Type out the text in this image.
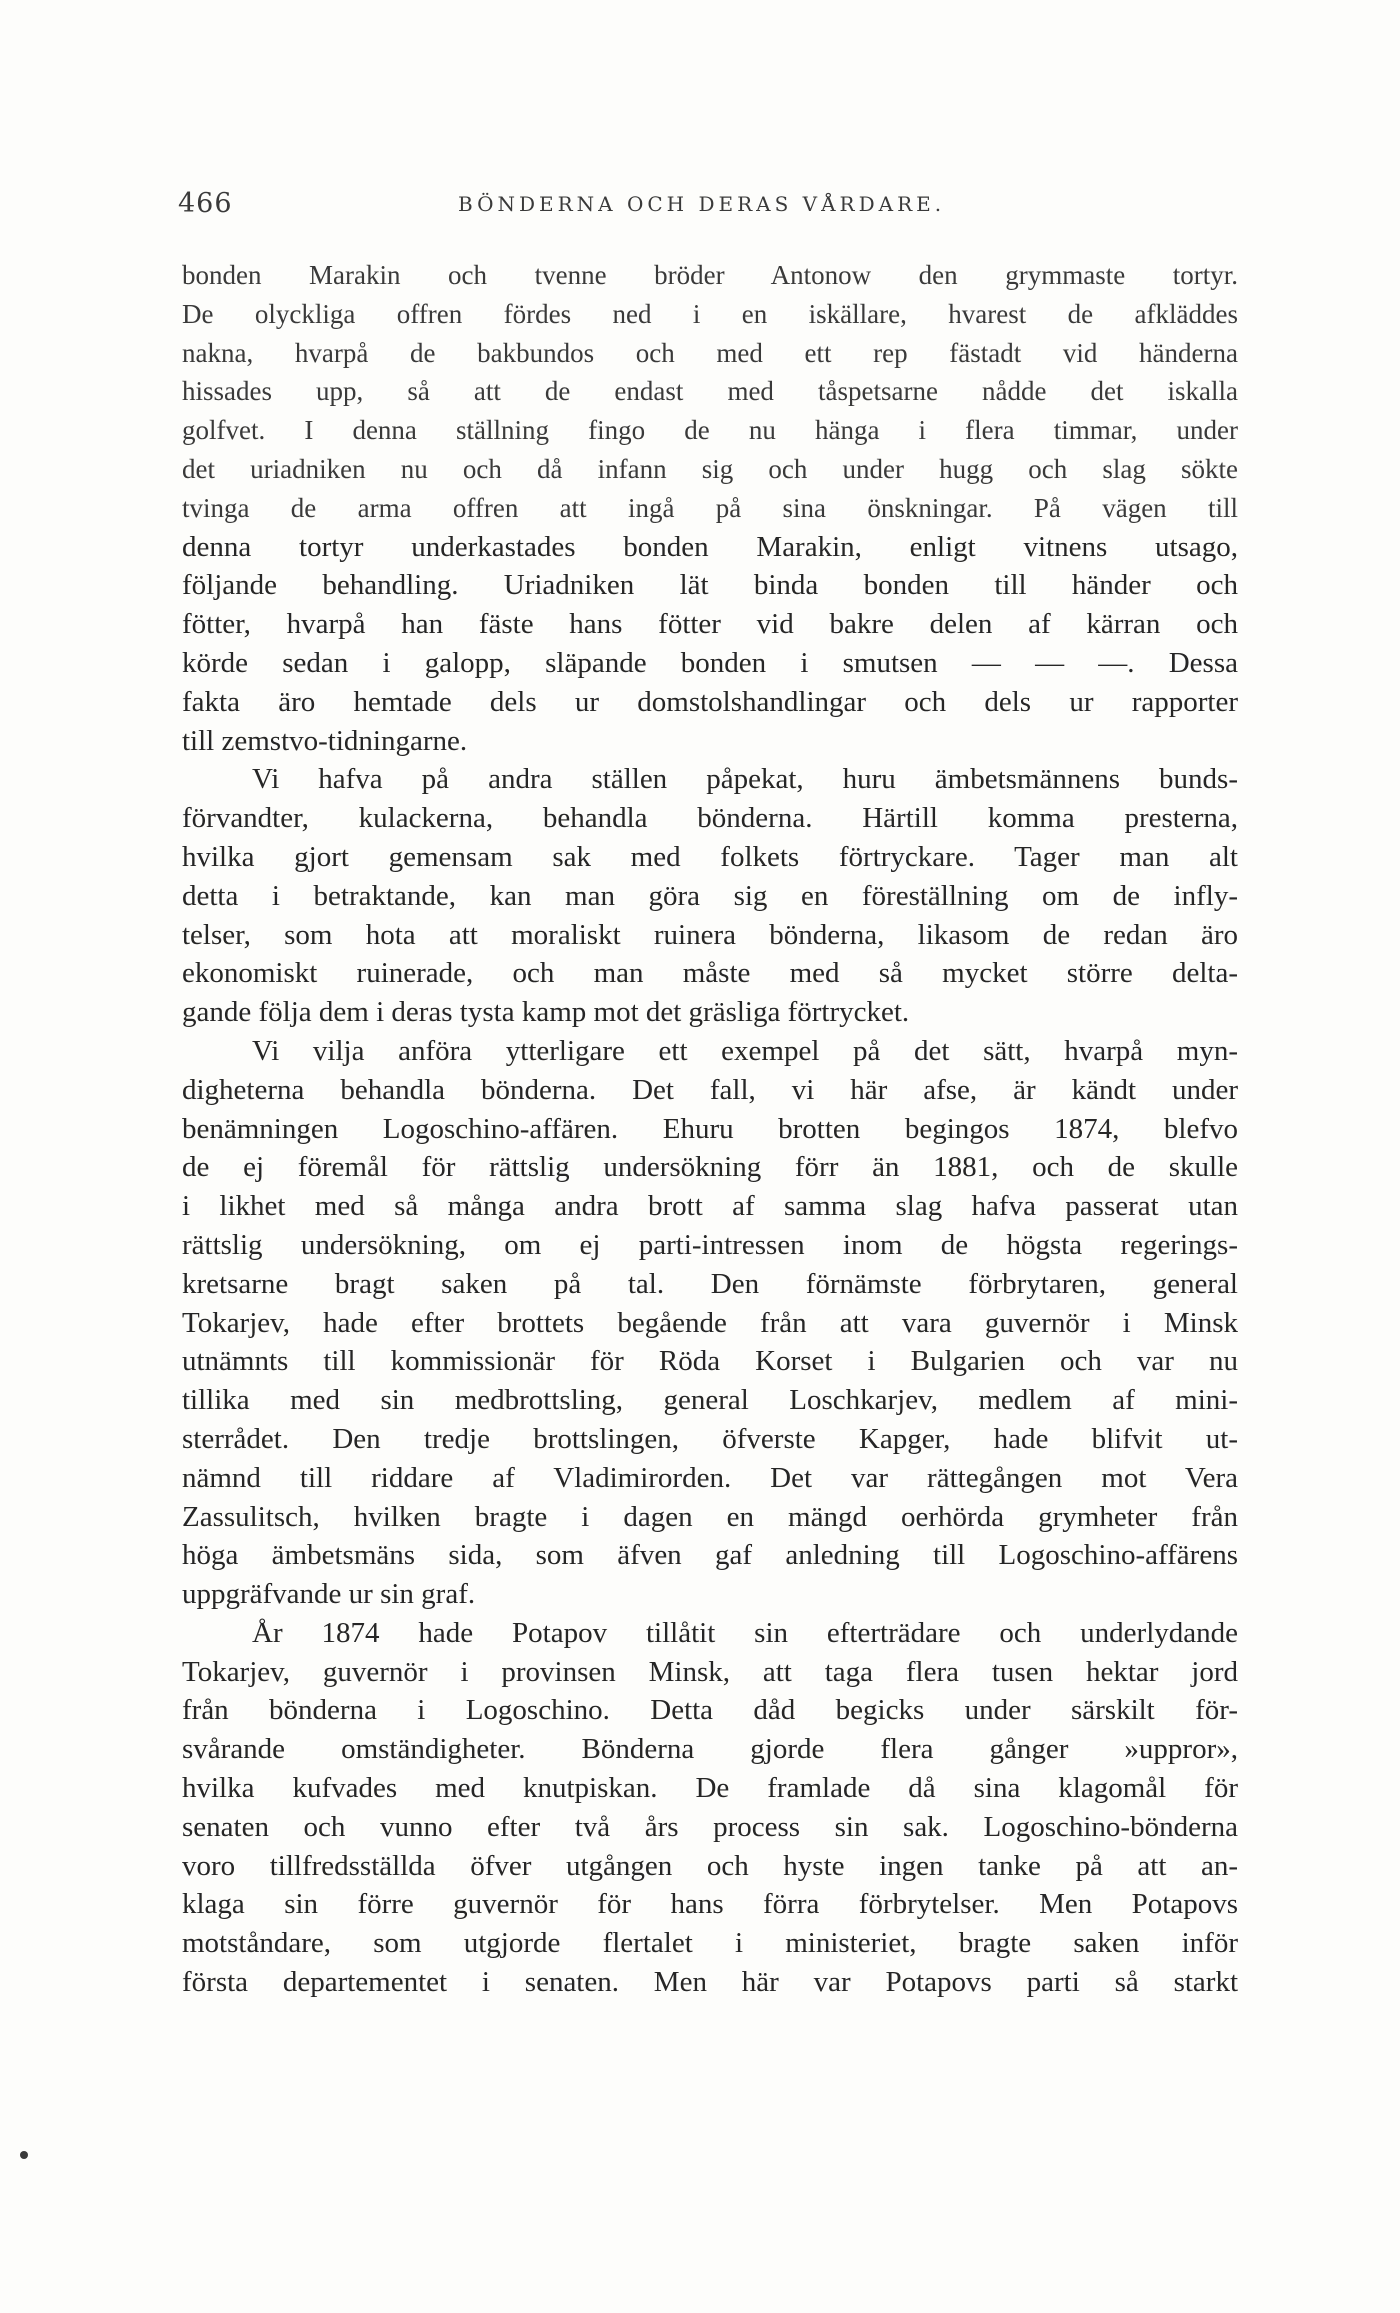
466	BÖNDERNA OCH DERAS VÅRDARE.
bonden Marakin och tvenne bröder Antonow den grymmaste tortyr.
De olyckliga offren fördes ned i en iskällare, hvarest de afkläddes
nakna, hvarpå de bakbundos och med ett rep fästadt vid händerna
hissades upp, så att de endast med tåspetsarne nådde det iskalla
golfvet. I denna ställning fingo de nu hänga i flera timmar, under
det uriadniken nu och då infann sig och under hugg och slag sökte
tvinga de arma offren att ingå på sina önskningar. På vägen till
denna tortyr underkastades bonden Marakin, enligt vitnens utsago,
följande behandling. Uriadniken lät binda bonden till händer och
fötter, hvarpå han fäste hans fötter vid bakre delen af kärran och
körde sedan i galopp, släpande bonden i smutsen — — —. Dessa
fakta äro hemtade dels ur domstolshandlingar och dels ur rapporter
till zemstvo-tidningarne.
Vi hafva på andra ställen påpekat, huru ämbetsmännens bunds-
förvandter, kulackerna, behandla bönderna. Härtill komma presterna,
hvilka gjort gemensam sak med folkets förtryckare. Tager man alt
detta i betraktande, kan man göra sig en föreställning om de infly-
telser, som hota att moraliskt ruinera bönderna, likasom de redan äro
ekonomiskt ruinerade, och man måste med så mycket större delta-
gande följa dem i deras tysta kamp mot det gräsliga förtrycket.
Vi vilja anföra ytterligare ett exempel på det sätt, hvarpå myn-
digheterna behandla bönderna. Det fall, vi här afse, är kändt under
benämningen Logoschino-affären. Ehuru brotten begingos 1874, blefvo
de ej föremål för rättslig undersökning förr än 1881, och de skulle
i likhet med så många andra brott af samma slag hafva passerat utan
rättslig undersökning, om ej parti-intressen inom de högsta regerings-
kretsarne bragt saken på tal. Den förnämste förbrytaren, general
Tokarjev, hade efter brottets begående från att vara guvernör i Minsk
utnämnts till kommissionär för Röda Korset i Bulgarien och var nu
tillika med sin medbrottsling, general Loschkarjev, medlem af mini-
sterrådet. Den tredje brottslingen, öfverste Kapger, hade blifvit ut-
nämnd till riddare af Vladimirorden. Det var rättegången mot Vera
Zassulitsch, hvilken bragte i dagen en mängd oerhörda grymheter från
höga ämbetsmäns sida, som äfven gaf anledning till Logoschino-affärens
uppgräfvande ur sin graf.
År 1874 hade Potapov tillåtit sin efterträdare och underlydande
Tokarjev, guvernör i provinsen Minsk, att taga flera tusen hektar jord
från bönderna i Logoschino. Detta dåd begicks under särskilt för-
svårande omständigheter. Bönderna gjorde flera gånger »uppror»,
hvilka kufvades med knutpiskan. De framlade då sina klagomål för
senaten och vunno efter två års process sin sak. Logoschino-bönderna
voro tillfredsställda öfver utgången och hyste ingen tanke på att an-
klaga sin förre guvernör för hans förra förbrytelser. Men Potapovs
motståndare, som utgjorde flertalet i ministeriet, bragte saken inför
första departementet i senaten. Men här var Potapovs parti så starkt
